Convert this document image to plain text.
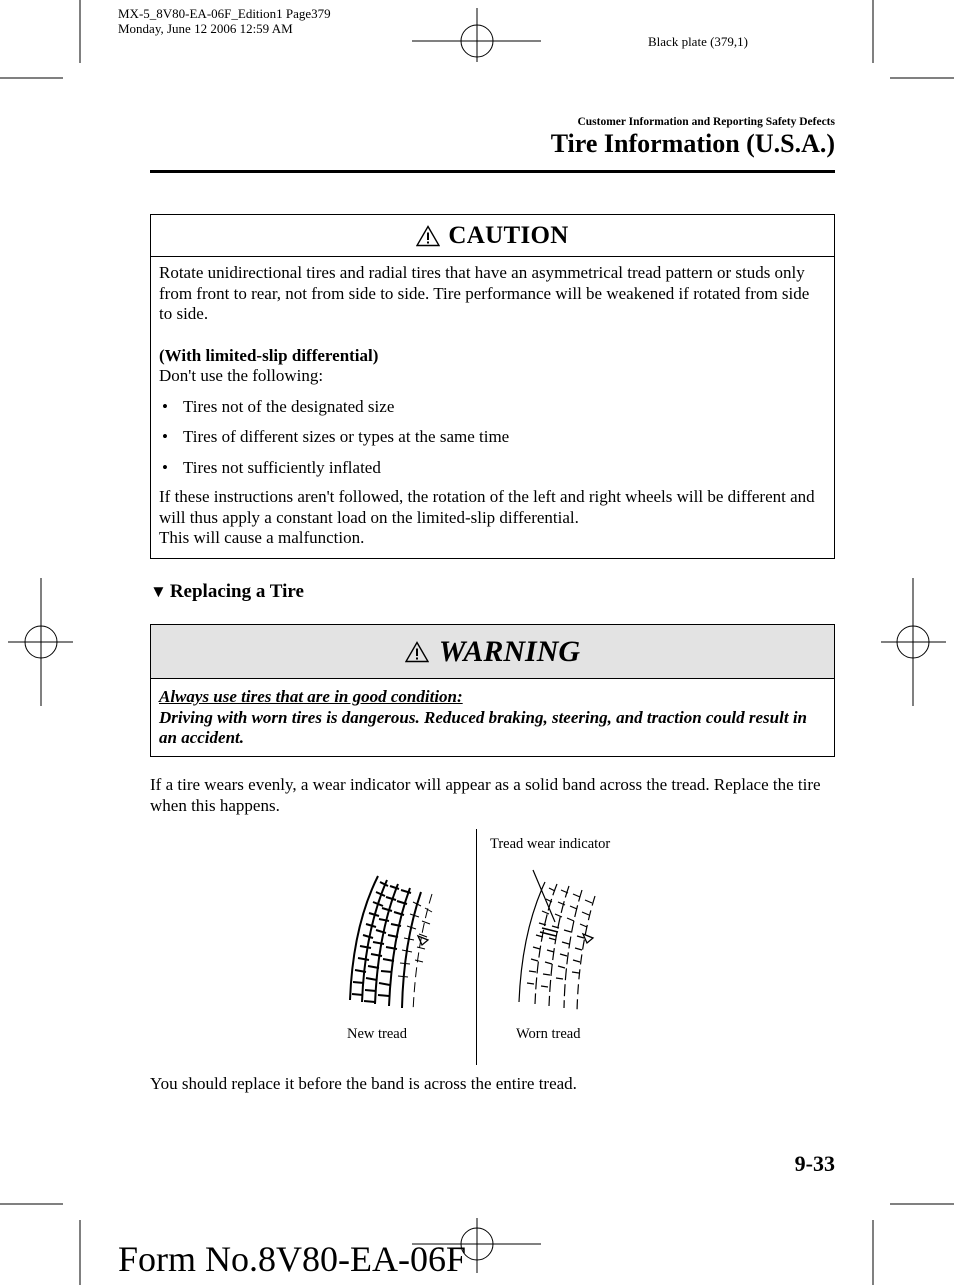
MX-5_8V80-EA-06F_Edition1 Page379
Monday, June 12 2006 12:59 AM
Black plate (379,1)
Customer Information and Reporting Safety Defects
Tire Information (U.S.A.)
CAUTION

Rotate unidirectional tires and radial tires that have an asymmetrical tread pattern or studs only from front to rear, not from side to side. Tire performance will be weakened if rotated from side to side.

(With limited-slip differential)

Don't use the following:

• Tires not of the designated size
• Tires of different sizes or types at the same time
• Tires not sufficiently inflated

If these instructions aren't followed, the rotation of the left and right wheels will be different and will thus apply a constant load on the limited-slip differential.

This will cause a malfunction.

▼ Replacing a Tire
WARNING

Always use tires that are in good condition:

Driving with worn tires is dangerous. Reduced braking, steering, and traction could result in an accident.

If a tire wears evenly, a wear indicator will appear as a solid band across the tread. Replace the tire when this happens.
Tread wear indicator
New tread	Worn tread
You should replace it before the band is across the entire tread.
9-33
Form No.8V80-EA-06F
